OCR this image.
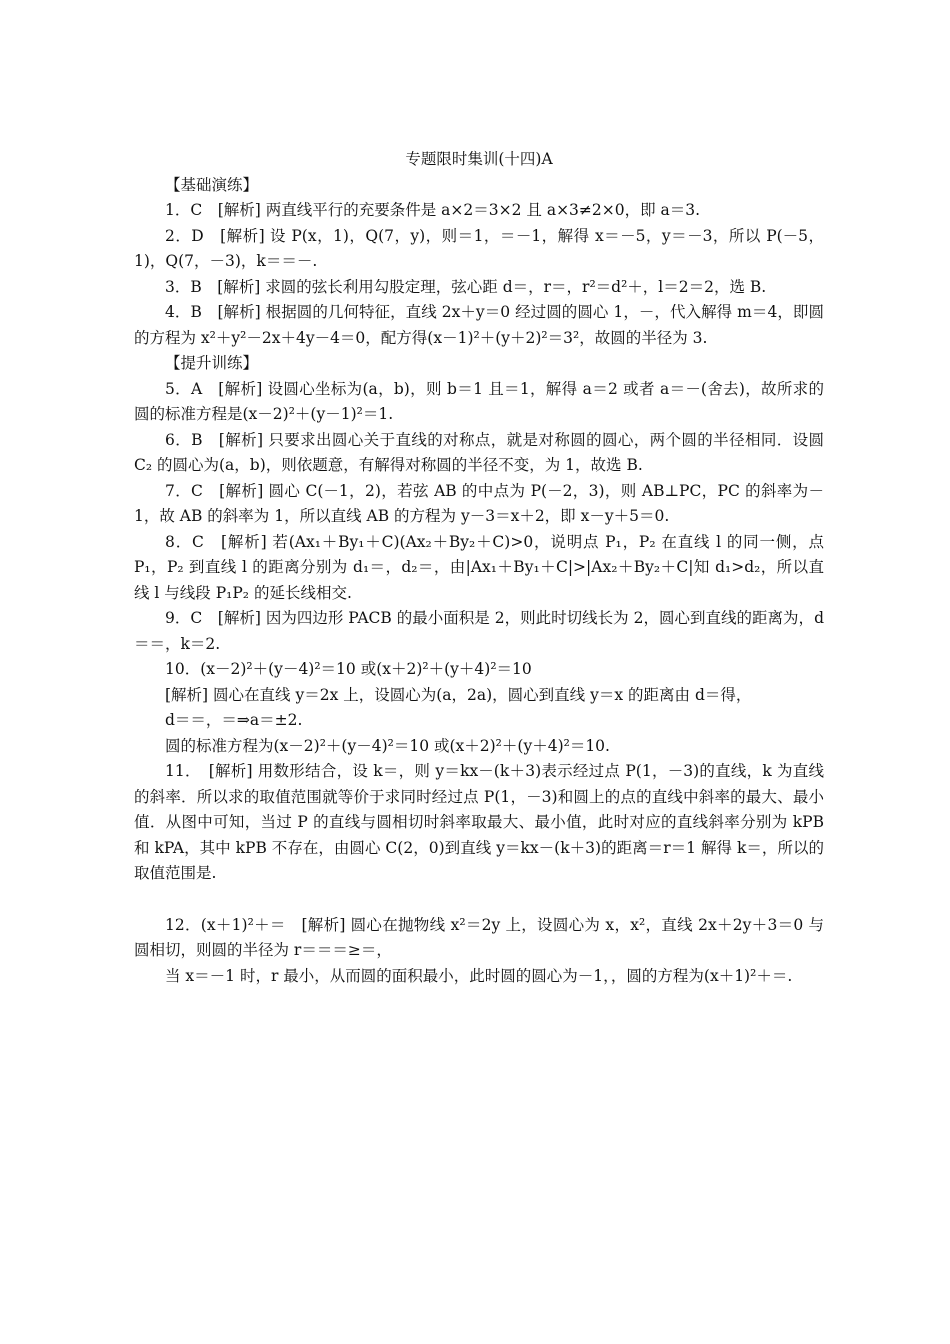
专题限时集训(十四)A
【基础演练】

1．C　[解析] 两直线平行的充要条件是 a×2＝3×2 且 a×3≠2×0，即 a＝3.

2．D　[解析] 设 P(x，1)，Q(7，y)，则＝1，＝－1，解得 x＝－5，y＝－3，所以 P(－5，1)，Q(7，－3)，k＝＝－.

3．B　[解析] 求圆的弦长利用勾股定理，弦心距 d＝，r＝，r²＝d²＋，l＝2＝2，选 B.

4．B　[解析] 根据圆的几何特征，直线 2x＋y＝0 经过圆的圆心 1，－，代入解得 m＝4，即圆的方程为 x²＋y²－2x＋4y－4＝0，配方得(x－1)²＋(y＋2)²＝3²，故圆的半径为 3.

【提升训练】

5．A　[解析] 设圆心坐标为(a，b)，则 b＝1 且＝1，解得 a＝2 或者 a＝－(舍去)，故所求的圆的标准方程是(x－2)²＋(y－1)²＝1.

6．B　[解析] 只要求出圆心关于直线的对称点，就是对称圆的圆心，两个圆的半径相同．设圆 C₂ 的圆心为(a，b)，则依题意，有解得对称圆的半径不变，为 1，故选 B.

7．C　[解析] 圆心 C(－1，2)，若弦 AB 的中点为 P(－2，3)，则 AB⊥PC，PC 的斜率为－1，故 AB 的斜率为 1，所以直线 AB 的方程为 y－3＝x＋2，即 x－y＋5＝0.

8．C　[解析] 若(Ax₁＋By₁＋C)(Ax₂＋By₂＋C)>0，说明点 P₁，P₂ 在直线 l 的同一侧，点 P₁，P₂ 到直线 l 的距离分别为 d₁＝，d₂＝，由|Ax₁＋By₁＋C|>|Ax₂＋By₂＋C|知 d₁>d₂，所以直线 l 与线段 P₁P₂ 的延长线相交.

9．C　[解析] 因为四边形 PACB 的最小面积是 2，则此时切线长为 2，圆心到直线的距离为，d＝＝，k＝2.

10．(x－2)²＋(y－4)²＝10 或(x＋2)²＋(y＋4)²＝10

[解析] 圆心在直线 y＝2x 上，设圆心为(a，2a)，圆心到直线 y＝x 的距离由 d＝得，

d＝＝，＝⇒a＝±2.

圆的标准方程为(x－2)²＋(y－4)²＝10 或(x＋2)²＋(y＋4)²＝10.

11．　[解析] 用数形结合，设 k＝，则 y＝kx－(k＋3)表示经过点 P(1，－3)的直线，k 为直线的斜率．所以求的取值范围就等价于求同时经过点 P(1，－3)和圆上的点的直线中斜率的最大、最小值．从图中可知，当过 P 的直线与圆相切时斜率取最大、最小值，此时对应的直线斜率分别为 kPB 和 kPA，其中 kPB 不存在，由圆心 C(2，0)到直线 y＝kx－(k＋3)的距离＝r＝1 解得 k＝，所以的取值范围是.

12．(x＋1)²＋＝　[解析] 圆心在抛物线 x²＝2y 上，设圆心为 x，x²，直线 2x＋2y＋3＝0 与圆相切，则圆的半径为 r＝＝＝≥＝，

当 x＝－1 时，r 最小，从而圆的面积最小，此时圆的圆心为－1，，圆的方程为(x＋1)²＋＝.
